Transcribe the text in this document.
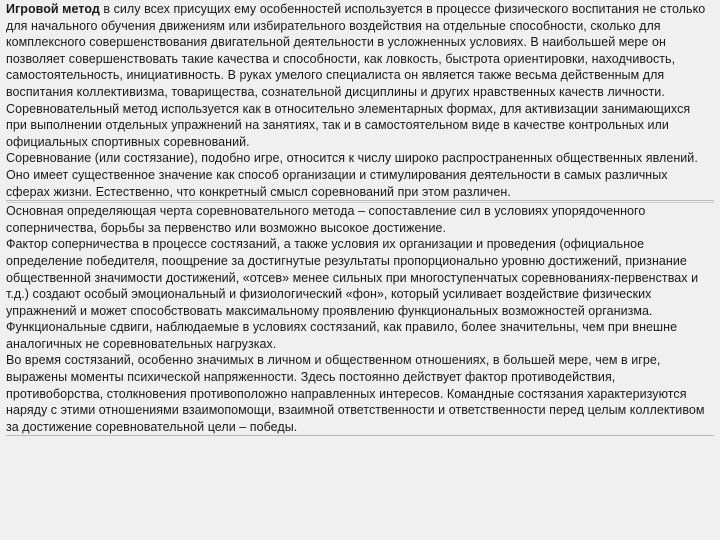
Игровой метод в силу всех присущих ему особенностей используется в процессе физического воспитания не столько для начального обучения движениям или избирательного воздействия на отдельные способности, сколько для комплексного совершенствования двигательной деятельности в усложненных условиях. В наибольшей мере он позволяет совершенствовать такие качества и способности, как ловкость, быстрота ориентировки, находчивость, самостоятельность, инициативность. В руках умелого специалиста он является также весьма действенным для воспитания коллективизма, товарищества, сознательной дисциплины и других нравственных качеств личности.

Соревновательный метод используется как в относительно элементарных формах, для активизации занимающихся при выполнении отдельных упражнений на занятиях, так и в самостоятельном виде в качестве контрольных или официальных спортивных соревнований.

Соревнование (или состязание), подобно игре, относится к числу широко распространенных общественных явлений. Оно имеет существенное значение как способ организации и стимулирования деятельности в самых различных сферах жизни. Естественно, что конкретный смысл соревнований при этом различен.

Основная определяющая черта соревновательного метода – сопоставление сил в условиях упорядоченного соперничества, борьбы за первенство или возможно высокое достижение.

Фактор соперничества в процессе состязаний, а также условия их организации и проведения (официальное определение победителя, поощрение за достигнутые результаты пропорционально уровню достижений, признание общественной значимости достижений, «отсев» менее сильных при многоступенчатых соревнованиях-первенствах и т.д.) создают особый эмоциональный и физиологический «фон», который усиливает воздействие физических упражнений и может способствовать максимальному проявлению функциональных возможностей организма. Функциональные сдвиги, наблюдаемые в условиях состязаний, как правило, более значительны, чем при внешне аналогичных не соревновательных нагрузках.

Во время состязаний, особенно значимых в личном и общественном отношениях, в большей мере, чем в игре, выражены моменты психической напряженности. Здесь постоянно действует фактор противодействия, противоборства, столкновения противоположно направленных интересов. Командные состязания характеризуются наряду с этими отношениями взаимопомощи, взаимной ответственности и ответственности перед целым коллективом за достижение соревновательной цели – победы.
